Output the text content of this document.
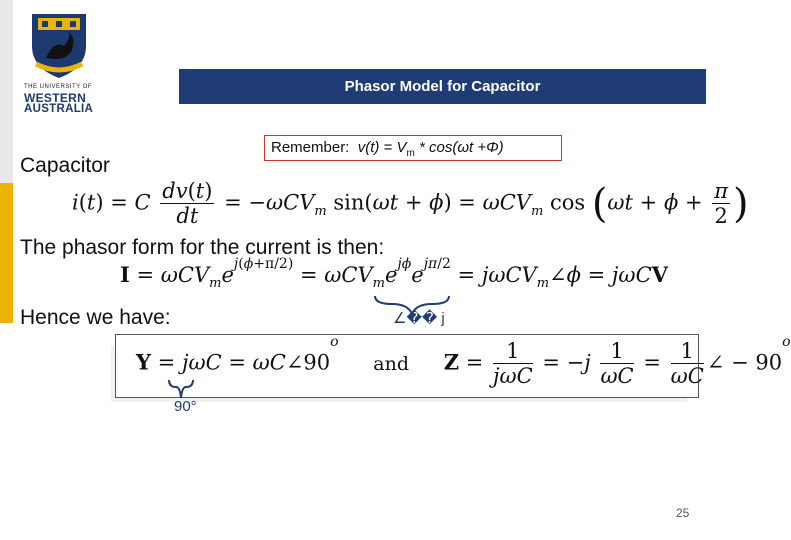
THE UNIVERSITY OF
WESTERN
AUSTRALIA
Phasor Model for Capacitor
Remember: $v(t) = V_m * \cos(\omega t +\Phi)$
Capacitor
The phasor form for the current is then:
Hence we have:
i(t) = C $\frac{dv(t)}{dt} = -\omega CV_m$ sin(ωt + ϕ) = ωCV$_m$ $\cos (\omega t + \phi + \frac{\pi}{2}$ )
$I = \omega CV_me^{j(\phi+\pi/2)} = \omega CV_me^{j\phi}e^{j\pi/2}$ = jωCV$_m$∠ϕ = jωCV
∠�� j
$Y = j\omega C = \omega C\angle 90^o$ and $Z = \frac{1}{\text{jωC}} = -j \frac{1}{\omega C} = \frac{1}{\omega C}$ ∠ − $90^o$
90°
25
